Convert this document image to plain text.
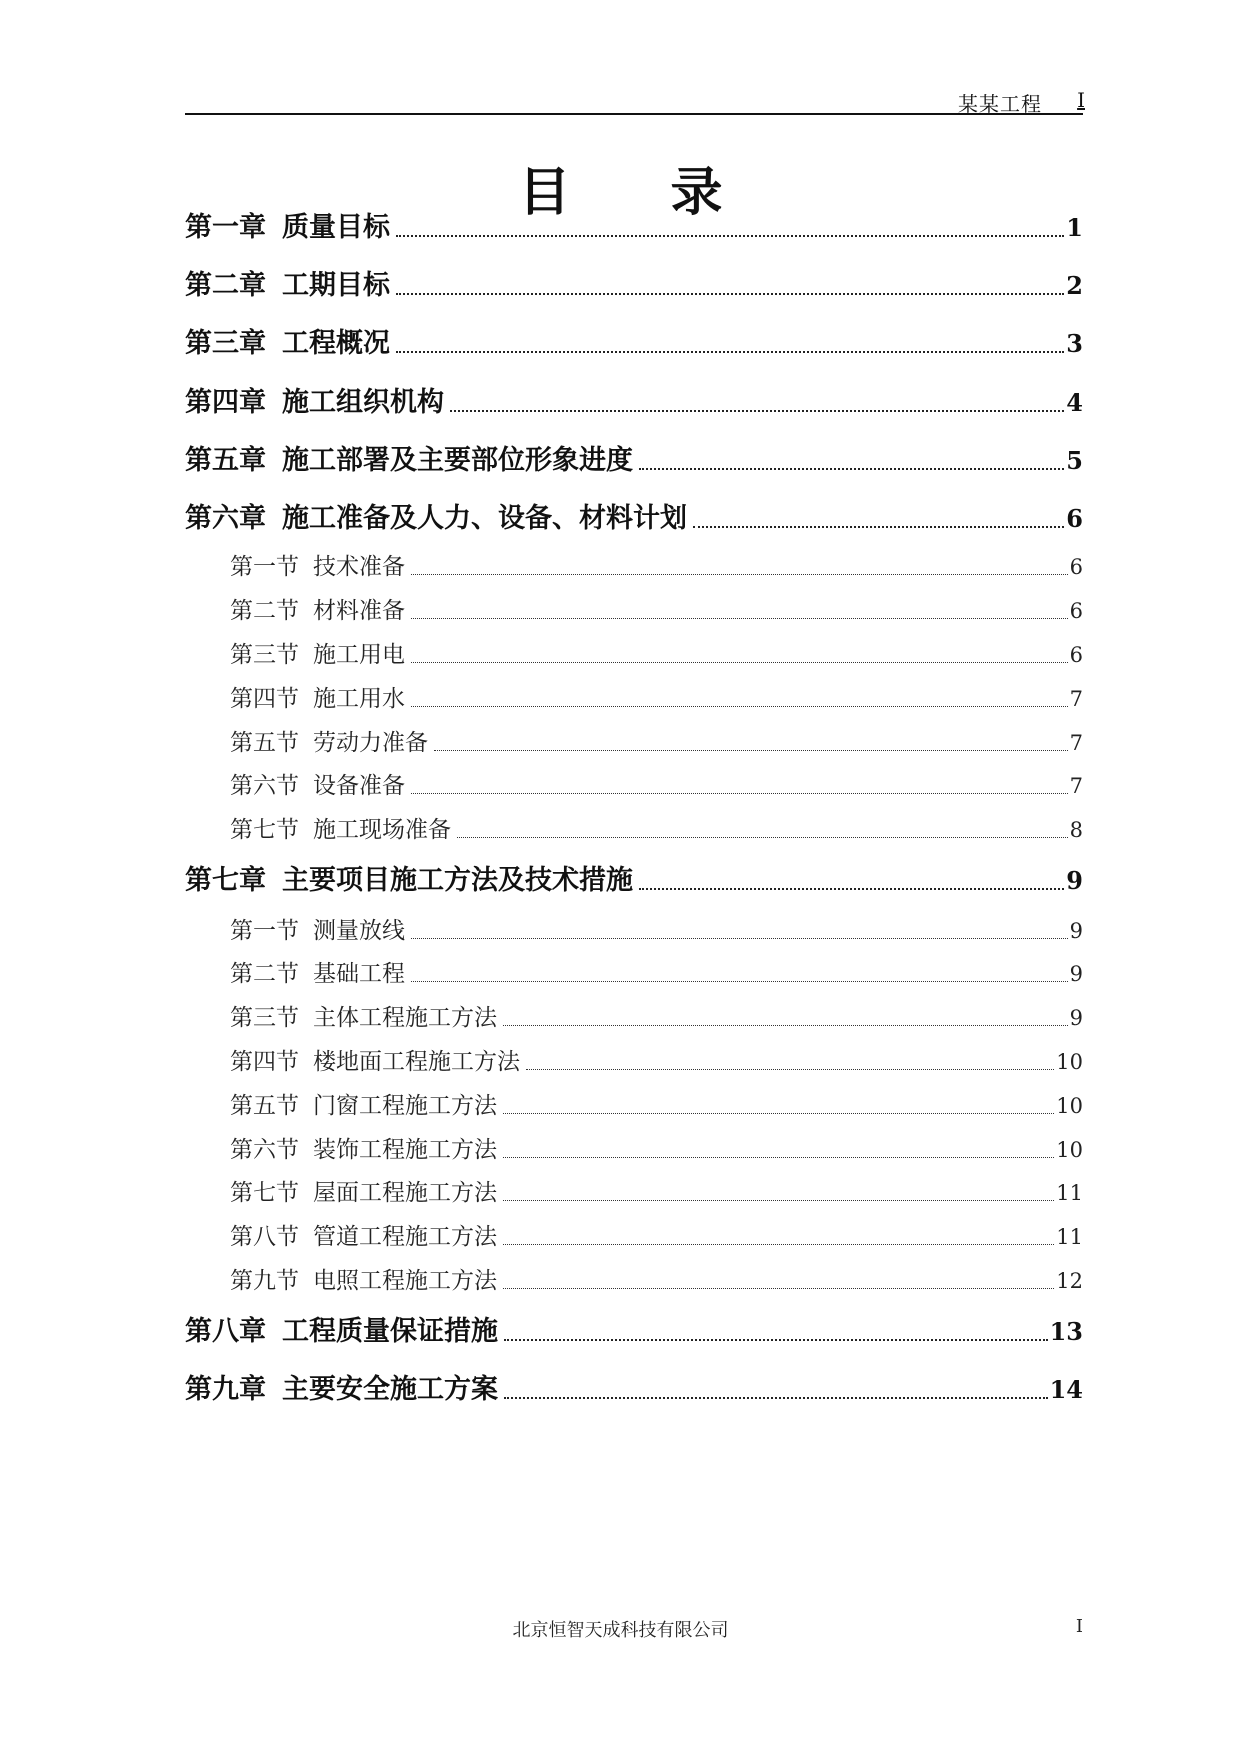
某某工程 I
目 录
第一章 质量目标	1
第二章 工期目标	2
第三章 工程概况	3
第四章 施工组织机构	4
第五章 施工部署及主要部位形象进度	5
第六章 施工准备及人力、设备、材料计划	6
第一节 技术准备	6
第二节 材料准备	6
第三节 施工用电	6
第四节 施工用水	7
第五节 劳动力准备	7
第六节 设备准备	7
第七节 施工现场准备	8
第七章 主要项目施工方法及技术措施	9
第一节 测量放线	9
第二节 基础工程	9
第三节 主体工程施工方法	9
第四节 楼地面工程施工方法	10
第五节 门窗工程施工方法	10
第六节 装饰工程施工方法	10
第七节 屋面工程施工方法	11
第八节 管道工程施工方法	11
第九节 电照工程施工方法	12
第八章 工程质量保证措施	13
第九章 主要安全施工方案	14
北京恒智天成科技有限公司	I
